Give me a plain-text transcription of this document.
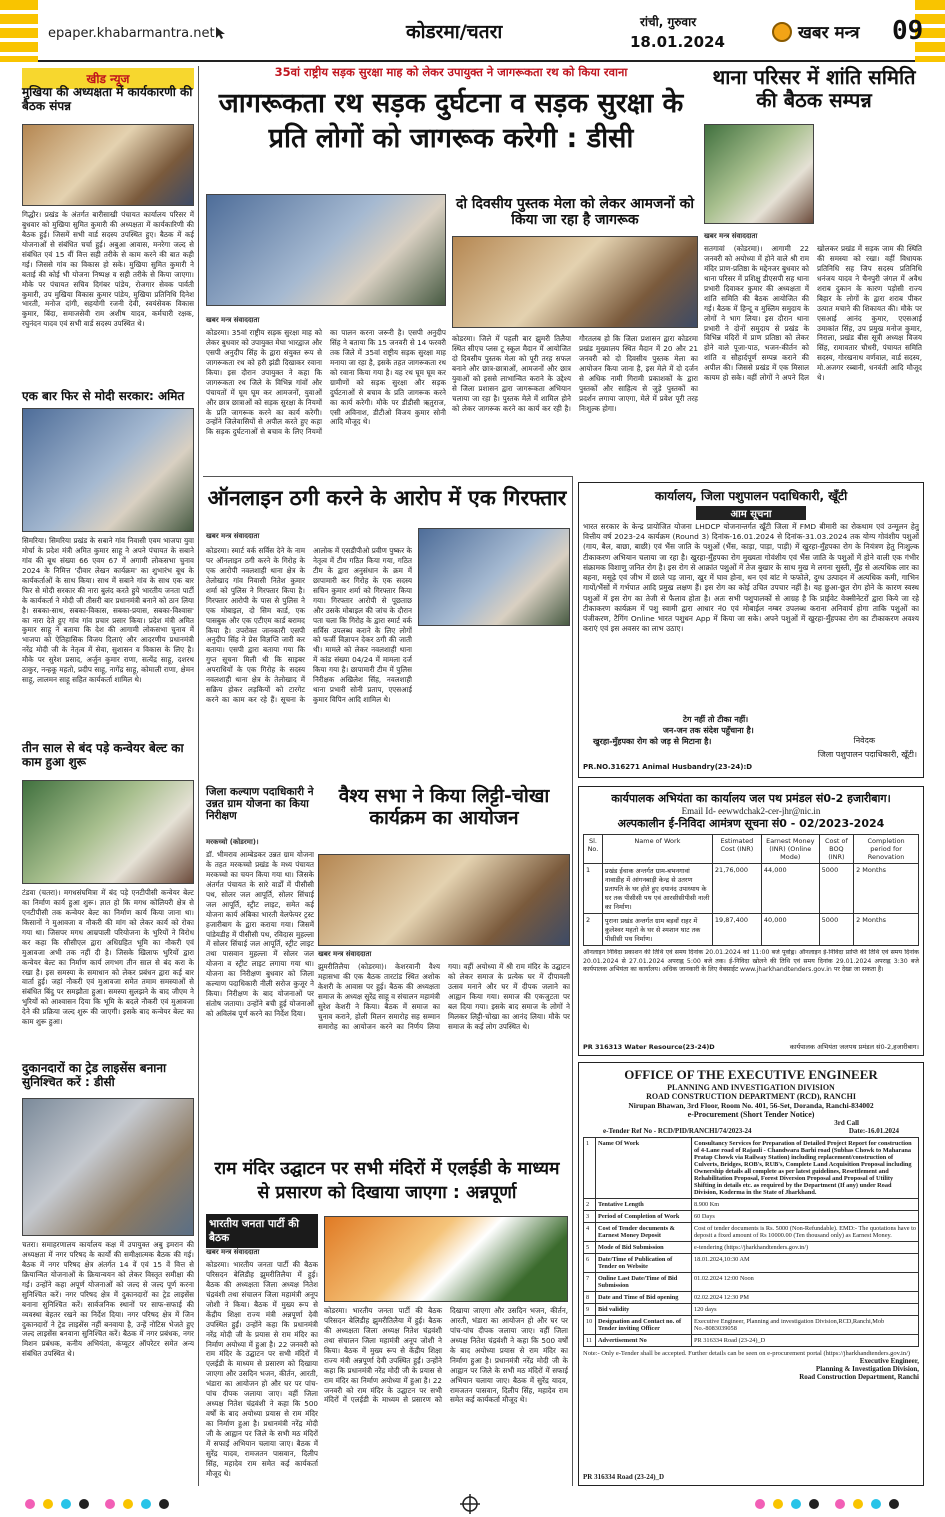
epaper.khabarmantra.net	कोडरमा/चतरा	रांची, गुरुवार
18.01.2024	खबर मन्त्र 09
खीड न्यूज
मुखिया की अध्यक्षता में कार्यकारणी की बैठक संपन्न
गिद्धौर। प्रखंड के अंतर्गत बारीसाखी पंचायत कार्यालय परिसर में बुधवार को मुखिया सुमित कुमारी की अध्यक्षता में कार्यकारिणी की बैठक हुई। जिसमें सभी वार्ड सदस्य उपस्थित हुए। बैठक में कई योजनाओं से संबंधित चर्चा हुई। अबुआ आवास, मनरेगा जल्द से संबंधित एवं 15 वीं वित्त सही तरीके से काम करने की बात कही गई। जिससे गांव का विकास हो सके। मुखिया सुमित कुमारी ने बताई की कोई भी योजना निष्पक्ष व सही तरीके से किया जाएगा। मौके पर पंचायत सचिव दिगंबर पांडेय, रोजगार सेवक पार्वती कुमारी, उप मुखिया विकास कुमार पांडेय, मुखिया प्रतिनिधि दिनेश भारती, मनोज दांगी, सहयोगी रजनी देवी, स्वयंसेवक विकास कुमार, बिंदा, समाजसेवी राम अशीष यादव, कर्मचारी रक्षक, रघुनंदन यादव एवं सभी वार्ड सदस्य उपस्थित थे।
एक बार फिर से मोदी सरकार: अमित
सिमरिया। सिमरिया प्रखंड के सबाने गांव निवासी एवम भाजपा युवा मोर्चा के प्रदेश मंत्री अमित कुमार साहू ने अपने पंचायत के सबाने गांव की बूथ संख्या 66 एवम 67 में अगामी लोकसभा चुनाव 2024 के निमित्त 'दीवार लेखन कार्यक्रम' का शुभारंभ बूथ के कार्यकर्ताओं के साथ किया। साथ में सबाने गांव के साथ एक बार फिर से मोदी सरकार की नारा बुलंद करते हुये भारतीय जनता पार्टी के कार्यकर्ता ने मोदी जी तीसरी बार प्रधानमंत्री बनाने को ठान लिया है। सबका-साथ, सबका-विकास, सबका-प्रयास, सबका-विश्वास' का नारा देते हुए गांव गांव प्रचार प्रसार किया। प्रदेश मंत्री अमित कुमार साहू ने बताया कि देश की आगामी लोकसभा चुनाव में भाजपा को ऐतिहासिक विजय दिलाएं और आदरणीय प्रधानमंत्री नरेंद्र मोदी जी के नेतृत्व में सेवा, सुशासन व विकास के लिए है। मौके पर सुरेश प्रसाद, अर्जुन कुमार राणा, सत्येंद्र साहू, दशरथ ठाकुर, नन्हकू महतो, प्रदीप साहू, नागेंद्र साहू, कोमाली राणा, क्षेमन साहू, लालमन साहू सहित कार्यकर्ता शामिल थे।
तीन साल से बंद पड़े कन्वेयर बेल्ट का काम हुआ शुरू
टंडवा (चतरा)। मगधसंघमित्रा में बंद पड़े एनटीपीसी कन्वेयर बेल्ट का निर्माण कार्य हुआ शुरू। ज्ञात हो कि मगध कोलियरी क्षेत्र से एनटीपीसी तक कन्वेयर बेल्ट का निर्माण कार्य किया जाना था। किसानों ने मुआवजा व नौकरी की मांग को लेकर कार्य को रोका गया था। जिसपर मगध आम्रपाली परियोजना के भुरियों ने विरोध कर कहा कि सीसीएल द्वारा अधिग्रहित भूमि का नौकरी एवं मुआवजा अभी तक नहीं दी है। जिसके खिलाफ भुरियों द्वारा कन्वेयर बेल्ट का निर्माण कार्य लगभग तीन साल से बंद करा के रखा है। इस समस्या के समाधान को लेकर प्रबंधन द्वारा कई बार वार्ता हुई। जहां नौकरी एवं मुआवजा समेत तमाम समस्याओं से संबंधित बिंदु पर समझौता हुआ। समस्या सुलझने के बाद जीएम ने भुरियों को आश्वासन दिया कि भूमि के बदले नौकरी एवं मुआवजा देने की प्रक्रिया जल्द शुरू की जाएगी। इसके बाद कन्वेयर बेल्ट का काम शुरू हुआ।
दुकानदारों का ट्रेड लाइसेंस बनाना सुनिश्चित करें : डीसी
चतरा। समाहरणालय कार्यालय कक्ष में उपायुक्त अबु इमरान की अध्यक्षता में नगर परिषद के कार्यों की समीक्षात्मक बैठक की गई। बैठक में नगर परिषद क्षेत्र अंतर्गत 14 वें एवं 15 वें वित्त से क्रियान्वित योजनाओं के क्रियान्वयन को लेकर विस्तृत समीक्षा की गई। उन्होंने कहा अपूर्ण योजनाओं को जल्द से जल्द पूर्ण करना सुनिश्चित करें। नगर परिषद क्षेत्र में दुकानदारों का ट्रेड लाइसेंस बनाना सुनिश्चित करें। सार्वजनिक स्थानों पर साफ-सफाई की व्यवस्था बेहतर रखने का निर्देश दिया। नगर परिषद क्षेत्र में जिन दुकानदारों ने ट्रेड लाइसेंस नहीं बनवाया है, उन्हें नोटिस भेजते हुए जल्द लाइसेंस बनवाना सुनिश्चित करें। बैठक में नगर प्रबंधक, नगर मिशन प्रबंधक, कनीय अभियंता, कंप्यूटर ऑपरेटर समेत अन्य संबंधित उपस्थित थे।
35वां राष्ट्रीय सड़क सुरक्षा माह को लेकर उपायुक्त ने जागरूकता रथ को किया रवाना
जागरूकता रथ सड़क दुर्घटना व सड़क सुरक्षा के प्रति लोगों को जागरूक करेगी : डीसी
खबर मन्त्र संवाददाता
कोडरमा। 35वां राष्ट्रीय सड़क सुरक्षा माह को लेकर बुधवार को उपायुक्त मेघा भारद्वाज और एसपी अनुदीप सिंह के द्वारा संयुक्त रूप से जागरूकता रथ को हरी झंडी दिखाकर रवाना किया। इस दौरान उपायुक्त ने कहा कि जागरूकता रथ जिले के विभिन्न गांवों और पंचायतों में घूम घूम कर आमजनों, युवाओं और छात्र छात्राओं को सड़क सुरक्षा के नियमों के प्रति जागरूक करने का कार्य करेगी। उन्होंने जिलेवासियों से अपील करते हुए कहा कि सड़क दुर्घटनाओं से बचाव के लिए नियमों का पालन करना जरूरी है। एसपी अनुदीप सिंह ने बताया कि 15 जनवरी से 14 फरवरी तक जिले में 35वां राष्ट्रीय सड़क सुरक्षा माह मनाया जा रहा है, इसके तहत जागरूकता रथ को रवाना किया गया है। यह रथ घूम घूम कर ग्रामीणों को सड़क सुरक्षा और सड़क दुर्घटनाओं से बचाव के प्रति जागरूक करने का कार्य करेगी। मौके पर डीडीसी ऋतुराज, एसी अविनाश, डीटीओ विजय कुमार सोनी आदि मौजूद थे।
दो दिवसीय पुस्तक मेला को लेकर आमजनों को किया जा रहा है जागरूक
कोडरमा। जिले में पहली बार झुमरी तिलैया स्थित सीएच प्लस टू स्कूल मैदान में आयोजित दो दिवसीय पुस्तक मेला को पूरी तरह सफल बनाने और छात्र-छात्राओं, आमजनों और छात्र युवाओं को इससे लाभान्वित कराने के उद्देश्य से जिला प्रशासन द्वारा जागरूकता अभियान चलाया जा रहा है। पुस्तक मेले में शामिल होने को लेकर जागरूक करने का कार्य कर रही है। गौरतलब हो कि जिला प्रशासन द्वारा कोडरमा प्रखंड मुख्यालय स्थित मैदान में 20 और 21 जनवरी को दो दिवसीय पुस्तक मेला का आयोजन किया जाना है, इस मेले में दो दर्जन से अधिक नामी गिरामी प्रकाशकों के द्वारा पुस्तकों और साहित्य से जुड़े पुस्तकों का प्रदर्शन लगाया जाएगा, मेले में प्रवेश पूरी तरह निःशुल्क होगा।
थाना परिसर में शांति समिति की बैठक सम्पन्न
खबर मन्त्र संवाददाता
सतगावां (कोडरमा)। आगामी 22 जनवरी को अयोध्या में होने वाले श्री राम मंदिर प्राण-प्रतिष्ठा के मद्देनजर बुधवार को थाना परिसर में प्रशिक्षु डीएसपी सह थाना प्रभारी दिवाकर कुमार की अध्यक्षता में शांति समिति की बैठक आयोजित की गई। बैठक में हिन्दू व मुस्लिम समुदाय के लोगों ने भाग लिया। इस दौरान थाना प्रभारी ने दोनों समुदाय से प्रखंड के विभिन्न मंदिरों में प्राण प्रतिष्ठा को लेकर होने वाले पूजा-पाठ, भजन-कीर्तन को शांति व सौहार्दपूर्ण सम्पन्न कराने की अपील की। जिससे प्रखंड में एक मिसाल कायम हो सके। वहीं लोगों ने अपने दिल खोलकर प्रखंड में सड़क जाम की स्थिति की समस्या को रखा। वहीं विधायक प्रतिनिधि सह जिप सदस्य प्रतिनिधि धनंजय यादव ने चैनपुरी जंगल में अवैध शराब दुकान के कारण पड़ोसी राज्य बिहार के लोगों के द्वारा शराब पीकर उत्पात मचाने की शिकायत की। मौके पर एसआई आनंद कुमार, एएसआई उमाकांत सिंह, उप प्रमुख मनोज कुमार, निराला, प्रखंड बीस सूत्री अध्यक्ष विजय सिंह, रामावतार चौधरी, पंचायत समिति सदस्य, गोरखनाथ वर्णवाल, वार्ड सदस्य, मो.अजगर रब्बानी, धनवंती आदि मौजूद थे।
ऑनलाइन ठगी करने के आरोप में एक गिरफ्तार
खबर मन्त्र संवाददाता
कोडरमा। स्मार्ट वर्क सर्विस देने के नाम पर ऑनलाइन ठगी करने के गिरोह के एक आरोपी नवलशाही थाना क्षेत्र के तेलोखाद गांव निवासी नितेश कुमार शर्मा को पुलिस ने गिरफ्तार किया है। गिरफ्तार आरोपी के पास से पुलिस ने एक मोबाइल, दो सिम कार्ड, एक पासबुक और एक एटीएम कार्ड बरामद किया है। उपरोक्त जानकारी एसपी अनुदीप सिंह ने प्रेस विज्ञप्ति जारी कर बताया। एसपी द्वारा बताया गया कि गुप्त सूचना मिली थी कि साइबर अपराधियों के एक गिरोह के सदस्य नवलशाही थाना क्षेत्र के तेलोखाद में सक्रिय होकर लड़कियों को टारगेट करने का काम कर रहे हैं। सूचना के आलोक में एसडीपीओ प्रवीण पुष्कर के नेतृत्व में टीम गठित किया गया, गठित टीम के द्वारा अनुसंधान के क्रम में छापामारी कर गिरोह के एक सदस्य सचिन कुमार शर्मा को गिरफ्तार किया गया। गिरफ्तार आरोपी से पूछताछ और उसके मोबाइल की जांच के दौरान पता चला कि गिरोह के द्वारा स्मार्ट वर्क सर्विस उपलब्ध कराने के लिए लोगों को फर्जी विज्ञापन देकर ठगी की जाती थी। मामले को लेकर नवलशाही थाना में कांड संख्या 04/24 में मामला दर्ज किया गया है। छापामारी टीम में पुलिस निरीक्षक अखिलेश सिंह, नवलशाही थाना प्रभारी सोनी प्रताप, एएसआई कुमार विपिन आदि शामिल थे।
जिला कल्याण पदाधिकारी ने उन्नत ग्राम योजना का किया निरीक्षण
मरकच्चो (कोडरमा)।
डॉ. भीमराव आम्बेडकर उन्नत ग्राम योजना के तहत मरकच्चो प्रखंड के मध्य पंचायत मरकच्चो का चयन किया गया था। जिसके अंतर्गत पंचायत के सारे वार्डों में पीसीसी पथ, सोलर जल आपूर्ति, सोलर सिंचाई जल आपूर्ति, स्ट्रीट लाइट, समेत कई योजना कार्य अंबिका भारती वेलफेयर ट्रस्ट हजारीबाग के द्वारा कराया गया। जिसमें पांडेयडीह में पीसीसी पथ, रविदास मुहल्ला में सोलर सिंचाई जल आपूर्ति, स्ट्रीट लाइट तथा पासवान मुहल्ला में सोलर जल योजना व स्ट्रीट लाइट लगाया गया था। योजना का निरीक्षण बुधवार को जिला कल्याण पदाधिकारी नीली सरोज कुजूर ने किया। निरीक्षण के बाद योजनाओं पर संतोष जताया। उन्होंने बची हुई योजनाओं को अविलंब पूर्ण करने का निर्देश दिया।
वैश्य सभा ने किया लिट्टी-चोखा कार्यक्रम का आयोजन
खबर मन्त्र संवाददाता
झुमरीतिलैया (कोडरमा)। केशरवानी वैश्य महासभा की एक बैठक तारटांड स्थित अशोक केशरी के आवास पर हुई। बैठक की अध्यक्षता समाज के अध्यक्ष सुरेंद्र साहू व संचालन महामंत्री सुरेश केशरी ने किया। बैठक में समाज का चुनाव कराने, होली मिलन समारोह सह सम्मान समारोह का आयोजन करने का निर्णय लिया गया। वहीं अयोध्या में श्री राम मंदिर के उद्घाटन को लेकर समाज के प्रत्येक घर में दीपावली उत्सव मनाने और घर में दीपक जलाने का आह्वान किया गया। समाज की एकजुटता पर बल दिया गया। इसके बाद समाज के लोगों ने मिलकर लिट्टी-चोखा का आनंद लिया। मौके पर समाज के कई लोग उपस्थित थे।
राम मंदिर उद्घाटन पर सभी मंदिरों में एलईडी के माध्यम से प्रसारण को दिखाया जाएगा : अन्नपूर्णा
भारतीय जनता पार्टी की बैठक
खबर मन्त्र संवाददाता
कोडरमा। भारतीय जनता पार्टी की बैठक परिसदन बेलिडीह झुमरीतिलैया में हुई। बैठक की अध्यक्षता जिला अध्यक्ष नितेश चंद्रवंशी तथा संचालन जिला महामंत्री अनूप जोशी ने किया। बैठक में मुख्य रूप से केंद्रीय शिक्षा राज्य मंत्री अन्नपूर्णा देवी उपस्थित हुईं। उन्होंने कहा कि प्रधानमंत्री नरेंद्र मोदी जी के प्रयास से राम मंदिर का निर्माण अयोध्या में हुआ है। 22 जनवरी को राम मंदिर के उद्घाटन पर सभी मंदिरों में एलईडी के माध्यम से प्रसारण को दिखाया जाएगा और उसदिन भजन, कीर्तन, आरती, भंडारा का आयोजन हो और घर पर पांच-पांच दीपक जलाया जाए। वहीं जिला अध्यक्ष नितेश चंद्रवंशी ने कहा कि 500 वर्षों के बाद अयोध्या प्रयास से राम मंदिर का निर्माण हुआ है। प्रधानमंत्री नरेंद्र मोदी जी के आह्वान पर जिले के सभी मठ मंदिरों में सफाई अभियान चलाया जाए। बैठक में सुरेंद्र यादव, रामजतन पासवान, दिलीप सिंह, महादेव राम समेत कई कार्यकर्ता मौजूद थे।
कोडरमा। भारतीय जनता पार्टी की बैठक परिसदन बेलिडीह झुमरीतिलैया में हुई। बैठक की अध्यक्षता जिला अध्यक्ष नितेश चंद्रवंशी तथा संचालन जिला महामंत्री अनूप जोशी ने किया। बैठक में मुख्य रूप से केंद्रीय शिक्षा राज्य मंत्री अन्नपूर्णा देवी उपस्थित हुईं। उन्होंने कहा कि प्रधानमंत्री नरेंद्र मोदी जी के प्रयास से राम मंदिर का निर्माण अयोध्या में हुआ है। 22 जनवरी को राम मंदिर के उद्घाटन पर सभी मंदिरों में एलईडी के माध्यम से प्रसारण को दिखाया जाएगा और उसदिन भजन, कीर्तन, आरती, भंडारा का आयोजन हो और घर पर पांच-पांच दीपक जलाया जाए। वहीं जिला अध्यक्ष नितेश चंद्रवंशी ने कहा कि 500 वर्षों के बाद अयोध्या प्रयास से राम मंदिर का निर्माण हुआ है। प्रधानमंत्री नरेंद्र मोदी जी के आह्वान पर जिले के सभी मठ मंदिरों में सफाई अभियान चलाया जाए। बैठक में सुरेंद्र यादव, रामजतन पासवान, दिलीप सिंह, महादेव राम समेत कई कार्यकर्ता मौजूद थे।
कार्यालय, जिला पशुपालन पदाधिकारी, खूँटी
आम सूचना
भारत सरकार के केन्द्र प्रायोजित योजना LHDCP योजनान्तर्गत खूँटी जिला में FMD बीमारी का रोकथाम एवं उन्मूलन हेतु वित्तीय वर्ष 2023-24 कार्यक्रम (Round 3) दिनांक-16.01.2024 से दिनांक-31.03.2024 तक योग्य गोवंशीय पशुओं (गाय, बैल, बाछा, बाछी) एवं भैंस जाति के पशुओं (भैंस, काड़ा, पाड़ा, पाड़ी) में खुरहा-मुँहपका रोग के नियंत्रण हेतु निःशुल्क टीकाकरण अभियान चलाया जा रहा है। खुरहा-मुँहपका रोग मुख्यता गोवंशीय एवं भैंस जाति के पशुओं में होने वाली एक गंभीर संक्रामक विशाणु जनित रोग है। इस रोग से आक्रांत पशुओं में तेज बुखार के साथ मुख मे लगना सुस्ती, मुँह से अत्यधिक लार का बहना, मसूढ़े एवं जीभ में छाले पड़ जाना, खुर में घाव होना, थन एवं बांट मे फफोले, दुग्ध उत्पादन में अत्यधिक कमी, गाभिन गायों/भैंसों में गर्भपात आदि प्रमुख लक्षण हैं। इस रोग का कोई उचित उपचार नहीं है। यह छुआ-छूत रोग होने के कारण स्वस्थ पशुओं में इस रोग का तेजी से फैलाव होता है। अतः सभी पशुपालकों से आग्रह है कि प्राईवेट वेक्सीनेटरों द्वारा किये जा रहे टीकाकरण कार्यक्रम में पशु स्वामी द्वारा आधार नं0 एवं मोबाईल नम्बर उपलब्ध कराना अनिवार्य होगा ताकि पशुओं का पंजीकरण, टैगिंग Online भारत पशुधन App में किया जा सके। अपने पशुओं में खुरहा-मुँहपका रोग का टीकाकरण अवश्य कराएं एवं इस अवसर का लाभ उठाए।
टेग नहीं तो टीका नहीं।
जन-जन तक संदेश पहुँचाना है।
खुरहा-मुँहपका रोग को जड़ से मिटाना है।	निवेदक
जिला पशुपालन पदाधिकारी, खूँटी।
PR.NO.316271 Animal Husbandry(23-24):D
कार्यपालक अभियंता का कार्यालय जल पथ प्रमंडल सं0-2 हजारीबाग।
Email Id- eewwdchak2-cer-jhr@nic.in
अल्पकालीन ई-निविदा आमंत्रण सूचना सं0 - 02/2023-2024
Sl. No.	Name of Work	Estimated Cost (INR)	Earnest Money (INR) (Online Mode)	Cost of BOQ (INR)	Completion period for Renovation
1	प्रखंड ईचाक अन्तर्गत ग्राम-बभनगावां नावाडीह में आंगनबाड़ी केन्द्र से उतरण प्रतापति के घर होते हुए दयानंद उपाध्याय के घर तक पीसीसी पथ एवं आरसीसीपीसी नाली का निर्माण।	21,76,000	44,000	5000	2 Months
2	पुराना प्रखंड अन्तर्गत ग्राम बड़वाँ राहर में कुलेश्वर महतो के घर से श्मशान घाट तक पीसीसी पथ निर्माण।	19,87,400	40,000	5000	2 Months
ऑनलाइन निविदा प्रकाशन की तिथि एवं समय दिनांक 20.01.2024 को 11:00 बजे पूर्वाह्न। ऑनलाइन ई-निविदा प्राप्ति की तिथि एवं समय दिनांक 20.01.2024 से 27.01.2024 अपराह्न 5:00 बजे तक। ई-निविदा खोलने की तिथि एवं समय दिनांक 29.01.2024 अपराह्न 3:30 बजे कार्यपालक अभियंता का कार्यालय। अधिक जानकारी के लिए वेबसाईट www.jharkhandtenders.gov.in पर देखा जा सकता है।
PR 316313 Water Resource(23-24)D	कार्यपालक अभियंता जलपथ प्रमंडल सं0-2,हजारीबाग।
OFFICE OF THE EXECUTIVE ENGINEER
PLANNING AND INVESTIGATION DIVISION
ROAD CONSTRUCTION DEPARTMENT (RCD), RANCHI
Nirupan Bhawan, 3rd Floor, Room No. 401, 56-Set, Doranda, Ranchi-834002
e-Procurement (Short Tender Notice)
3rd Call
e-Tender Ref No - RCD/PID/RANCHI/74/2023-24	Date:-16.01.2024
1	Name Of Work	Consultancy Services for Preparation of Detailed Project Report for construction of 4-Lane road of Rajauli - Chandwara Barhi road (Subhas Chowk to Maharana Pratap Chowk via Railway Station) including replacement/construction of Culverts, Bridges, ROB's, RUB's, Complete Land Acquisition Proposal including Ownership details all complete as per latest guidelines, Resettlement and Rehabilitation Proposal, Forest Diversion Proposal and Proposal of Utility Shifting in details etc. as required by the Department (If any) under Road Division, Koderma in the State of Jharkhand.
2	Tentative Length	8.900 Km
3	Period of Completion of Work	60 Days
4	Cost of Tender documents & Earnest Money Deposit	Cost of tender documents is Rs. 5000 (Non-Refundable). EMD:- The quotations have to deposit a fixed amount of Rs 10000.00 (Ten thousand only) as Earnest Money.
5	Mode of Bid Submission	e-tendering (https://jharkhandtenders.gov.in/)
6	Date/Time of Publication of Tender on Website	18.01.2024,10:30 AM
7	Online Last Date/Time of Bid Submission	01.02.2024 12:00 Noon
8	Date and Time of Bid opening	02.02.2024 12:30 PM
9	Bid validity	120 days
10	Designation and Contact no. of Tender inviting Officer	Executive Engineer, Planning and investigation Division,RCD,Ranchi,Mob No.-8083039058
11	Advertisement No	PR 316334 Road (23-24)_D
Note:- Only e-Tender shall be accepted. Further details can be seen on e-procurement portal (https://jharkhandtenders.gov.in/)
Executive Engineer,
Planning & Investigation Division,
Road Construction Department, Ranchi
PR 316334 Road (23-24)_D
